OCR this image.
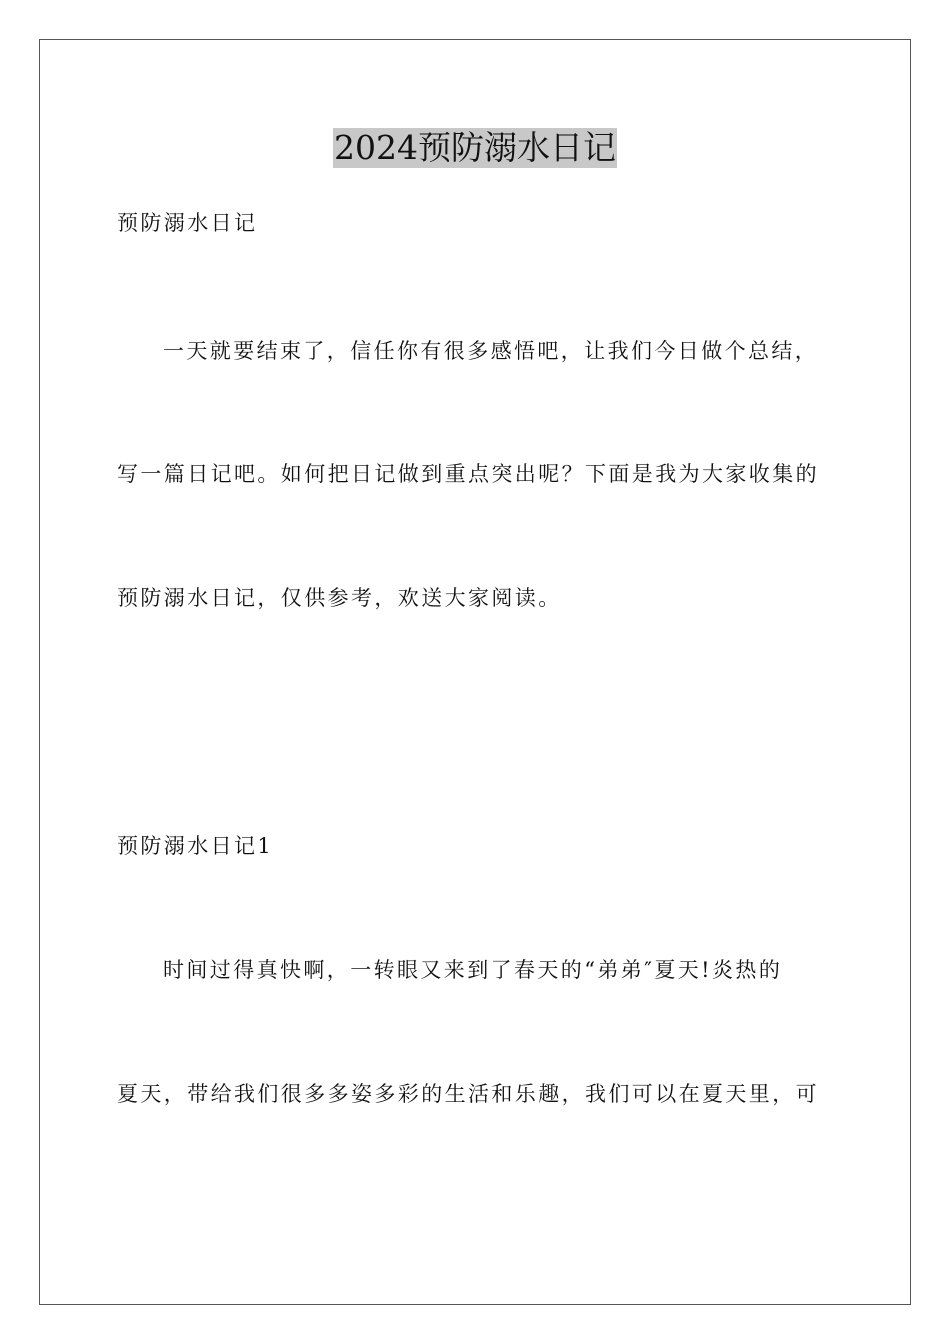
2024预防溺水日记
预防溺水日记
一天就要结束了，信任你有很多感悟吧，让我们今日做个总结，
写一篇日记吧。如何把日记做到重点突出呢？下面是我为大家收集的
预防溺水日记，仅供参考，欢送大家阅读。
预防溺水日记1
时间过得真快啊，一转眼又来到了春天的“弟弟″夏天!炎热的
夏天，带给我们很多多姿多彩的生活和乐趣，我们可以在夏天里，可
